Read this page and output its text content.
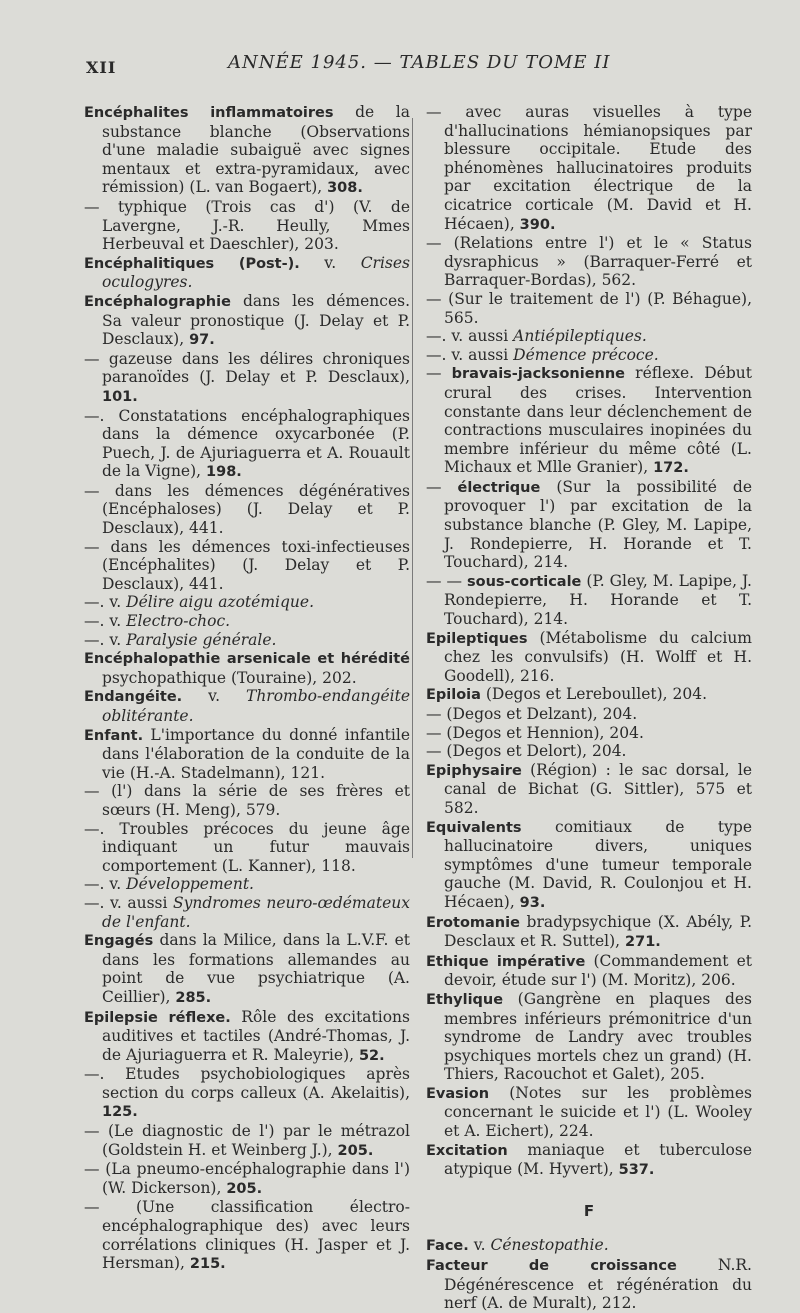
XII	ANNÉE 1945. — TABLES DU TOME II
Encéphalites inflammatoires de la substance blanche (Observations d'une maladie subaiguë avec signes mentaux et extra-pyramidaux, avec rémission) (L. van Bogaert), 308.
— typhique (Trois cas d') (V. de Lavergne, J.-R. Heully, Mmes Herbeuval et Daeschler), 203.
Encéphalitiques (Post-). v. Crises oculogyres.
Encéphalographie dans les démences. Sa valeur pronostique (J. Delay et P. Desclaux), 97.
— gazeuse dans les délires chroniques paranoïdes (J. Delay et P. Desclaux), 101.
—. Constatations encéphalographiques dans la démence oxycarbonée (P. Puech, J. de Ajuriaguerra et A. Rouault de la Vigne), 198.
— dans les démences dégénératives (Encéphaloses) (J. Delay et P. Desclaux), 441.
— dans les démences toxi-infectieuses (Encéphalites) (J. Delay et P. Desclaux), 441.
—. v. Délire aigu azotémique.
—. v. Electro-choc.
—. v. Paralysie générale.
Encéphalopathie arsenicale et hérédité psychopathique (Touraine), 202.
Endangéite. v. Thrombo-endangéite oblitérante.
Enfant. L'importance du donné infantile dans l'élaboration de la conduite de la vie (H.-A. Stadelmann), 121.
— (l') dans la série de ses frères et sœurs (H. Meng), 579.
—. Troubles précoces du jeune âge indiquant un futur mauvais comportement (L. Kanner), 118.
—. v. Développement.
—. v. aussi Syndromes neuro-œdémateux de l'enfant.
Engagés dans la Milice, dans la L.V.F. et dans les formations allemandes au point de vue psychiatrique (A. Ceillier), 285.
Epilepsie réflexe. Rôle des excitations auditives et tactiles (André-Thomas, J. de Ajuriaguerra et R. Maleyrie), 52.
—. Etudes psychobiologiques après section du corps calleux (A. Akelaitis), 125.
— (Le diagnostic de l') par le métrazol (Goldstein H. et Weinberg J.), 205.
— (La pneumo-encéphalographie dans l') (W. Dickerson), 205.
— (Une classification électro-encéphalographique des) avec leurs corrélations cliniques (H. Jasper et J. Hersman), 215.
— avec auras visuelles à type d'hallucinations hémianopsiques par blessure occipitale. Etude des phénomènes hallucinatoires produits par excitation électrique de la cicatrice corticale (M. David et H. Hécaen), 390.
— (Relations entre l') et le « Status dysraphicus » (Barraquer-Ferré et Barraquer-Bordas), 562.
— (Sur le traitement de l') (P. Béhague), 565.
—. v. aussi Antiépileptiques.
—. v. aussi Démence précoce.
— bravais-jacksonienne réflexe. Début crural des crises. Intervention constante dans leur déclenchement de contractions musculaires inopinées du membre inférieur du même côté (L. Michaux et Mlle Granier), 172.
— électrique (Sur la possibilité de provoquer l') par excitation de la substance blanche (P. Gley, M. Lapipe, J. Rondepierre, H. Horande et T. Touchard), 214.
— — sous-corticale (P. Gley, M. Lapipe, J. Rondepierre, H. Horande et T. Touchard), 214.
Epileptiques (Métabolisme du calcium chez les convulsifs) (H. Wolff et H. Goodell), 216.
Epiloia (Degos et Lereboullet), 204.
— (Degos et Delzant), 204.
— (Degos et Hennion), 204.
— (Degos et Delort), 204.
Epiphysaire (Région) : le sac dorsal, le canal de Bichat (G. Sittler), 575 et 582.
Equivalents comitiaux de type hallucinatoire divers, uniques symptômes d'une tumeur temporale gauche (M. David, R. Coulonjou et H. Hécaen), 93.
Erotomanie bradypsychique (X. Abély, P. Desclaux et R. Suttel), 271.
Ethique impérative (Commandement et devoir, étude sur l') (M. Moritz), 206.
Ethylique (Gangrène en plaques des membres inférieurs prémonitrice d'un syndrome de Landry avec troubles psychiques mortels chez un grand) (H. Thiers, Racouchot et Galet), 205.
Evasion (Notes sur les problèmes concernant le suicide et l') (L. Wooley et A. Eichert), 224.
Excitation maniaque et tuberculose atypique (M. Hyvert), 537.
F
Face. v. Cénestopathie.
Facteur de croissance N.R. Dégénérescence et régénération du nerf (A. de Muralt), 212.
